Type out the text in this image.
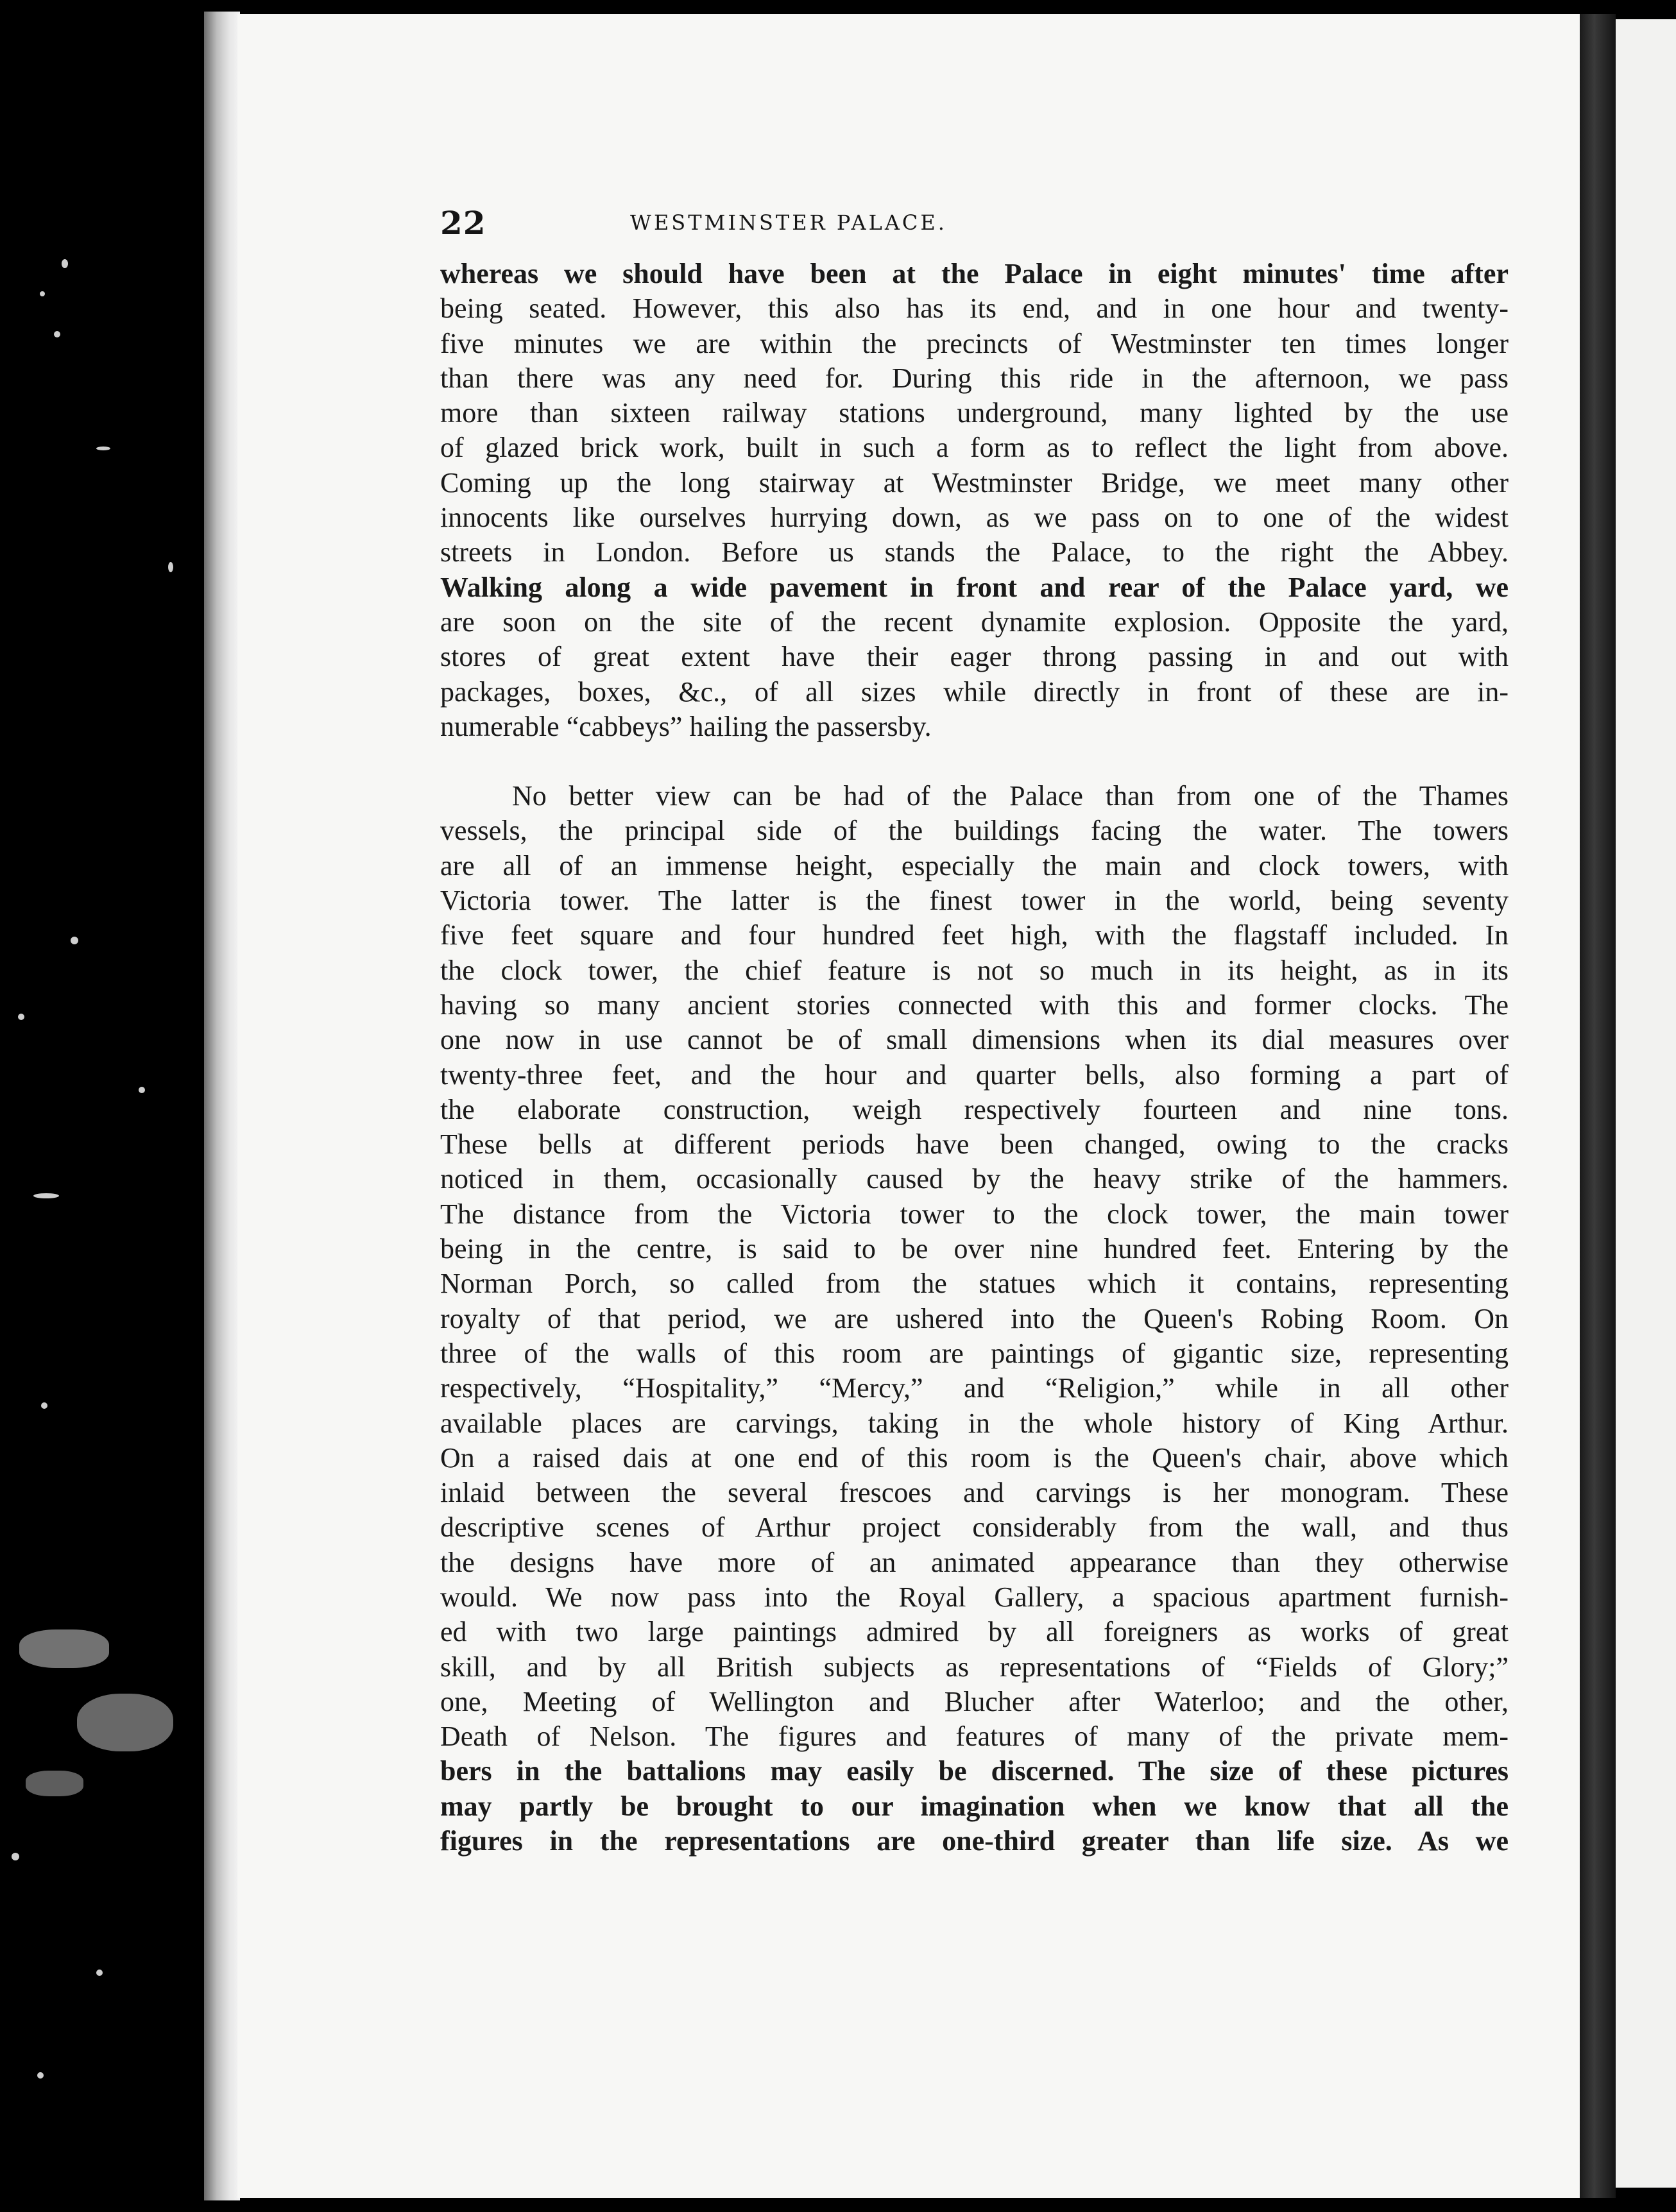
22	WESTMINSTER PALACE.
whereas we should have been at the Palace in eight minutes' time after
being seated. However, this also has its end, and in one hour and twenty-
five minutes we are within the precincts of Westminster ten times longer
than there was any need for. During this ride in the afternoon, we pass
more than sixteen railway stations underground, many lighted by the use
of glazed brick work, built in such a form as to reflect the light from above.
Coming up the long stairway at Westminster Bridge, we meet many other
innocents like ourselves hurrying down, as we pass on to one of the widest
streets in London. Before us stands the Palace, to the right the Abbey.
Walking along a wide pavement in front and rear of the Palace yard, we
are soon on the site of the recent dynamite explosion. Opposite the yard,
stores of great extent have their eager throng passing in and out with
packages, boxes, &c., of all sizes while directly in front of these are in-
numerable “cabbeys” hailing the passersby.
No better view can be had of the Palace than from one of the Thames
vessels, the principal side of the buildings facing the water. The towers
are all of an immense height, especially the main and clock towers, with
Victoria tower. The latter is the finest tower in the world, being seventy
five feet square and four hundred feet high, with the flagstaff included. In
the clock tower, the chief feature is not so much in its height, as in its
having so many ancient stories connected with this and former clocks. The
one now in use cannot be of small dimensions when its dial measures over
twenty-three feet, and the hour and quarter bells, also forming a part of
the elaborate construction, weigh respectively fourteen and nine tons.
These bells at different periods have been changed, owing to the cracks
noticed in them, occasionally caused by the heavy strike of the hammers.
The distance from the Victoria tower to the clock tower, the main tower
being in the centre, is said to be over nine hundred feet. Entering by the
Norman Porch, so called from the statues which it contains, representing
royalty of that period, we are ushered into the Queen's Robing Room. On
three of the walls of this room are paintings of gigantic size, representing
respectively, “Hospitality,” “Mercy,” and “Religion,” while in all other
available places are carvings, taking in the whole history of King Arthur.
On a raised dais at one end of this room is the Queen's chair, above which
inlaid between the several frescoes and carvings is her monogram. These
descriptive scenes of Arthur project considerably from the wall, and thus
the designs have more of an animated appearance than they otherwise
would. We now pass into the Royal Gallery, a spacious apartment furnish-
ed with two large paintings admired by all foreigners as works of great
skill, and by all British subjects as representations of “Fields of Glory;”
one, Meeting of Wellington and Blucher after Waterloo; and the other,
Death of Nelson. The figures and features of many of the private mem-
bers in the battalions may easily be discerned. The size of these pictures
may partly be brought to our imagination when we know that all the
figures in the representations are one-third greater than life size. As we
